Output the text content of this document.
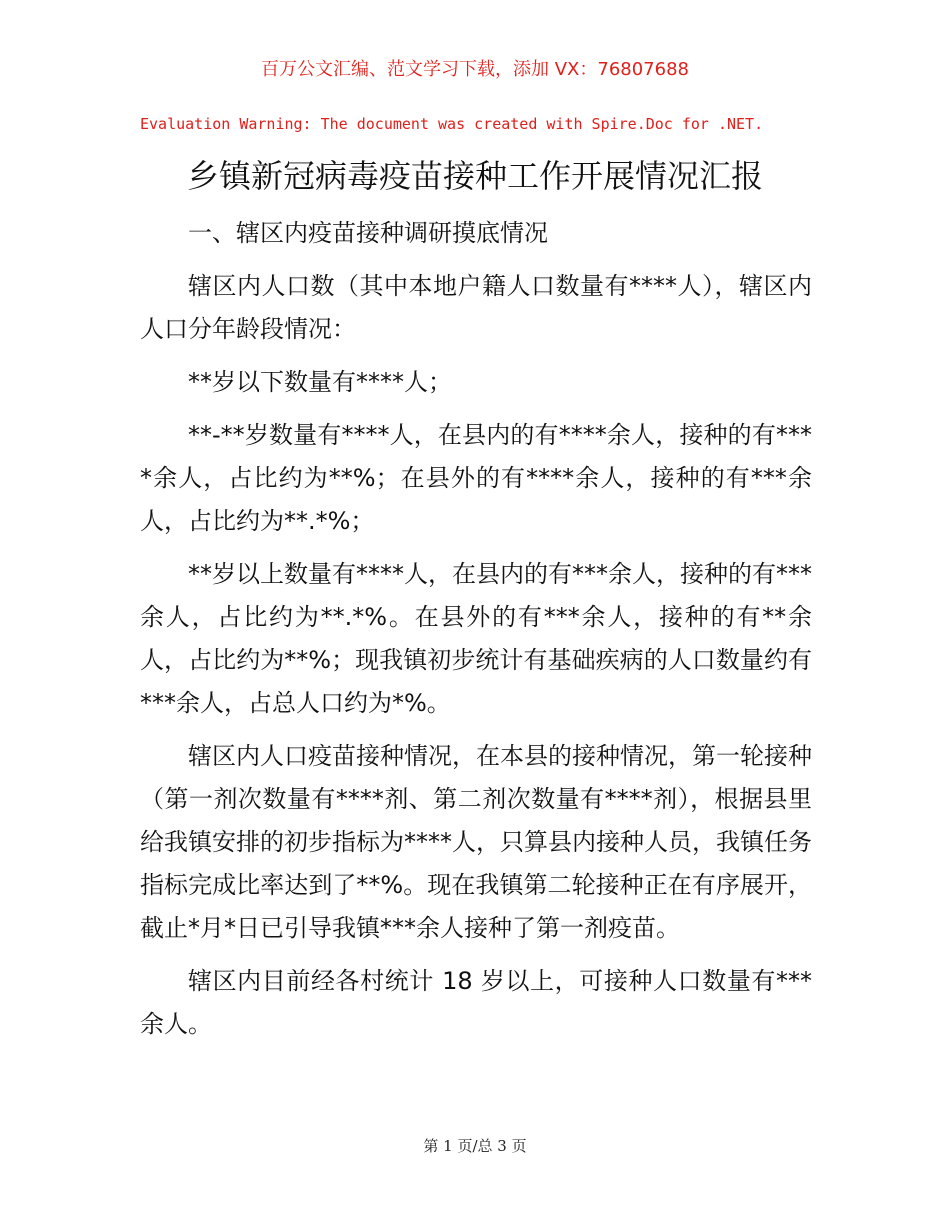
百万公文汇编、范文学习下载，添加 VX：76807688
Evaluation Warning: The document was created with Spire.Doc for .NET.
乡镇新冠病毒疫苗接种工作开展情况汇报

一、辖区内疫苗接种调研摸底情况

辖区内人口数（其中本地户籍人口数量有****人），辖区内人口分年龄段情况：

**岁以下数量有****人；

**-**岁数量有****人，在县内的有****余人，接种的有****余人，占比约为**%；在县外的有****余人，接种的有***余人，占比约为**.*%；

**岁以上数量有****人，在县内的有***余人，接种的有***余人，占比约为**.*%。在县外的有***余人，接种的有**余人，占比约为**%；现我镇初步统计有基础疾病的人口数量约有***余人，占总人口约为*%。

辖区内人口疫苗接种情况，在本县的接种情况，第一轮接种（第一剂次数量有****剂、第二剂次数量有****剂），根据县里给我镇安排的初步指标为****人，只算县内接种人员，我镇任务指标完成比率达到了**%。现在我镇第二轮接种正在有序展开，截止*月*日已引导我镇***余人接种了第一剂疫苗。

辖区内目前经各村统计 18 岁以上，可接种人口数量有***余人。

第 1 页/总 3 页
